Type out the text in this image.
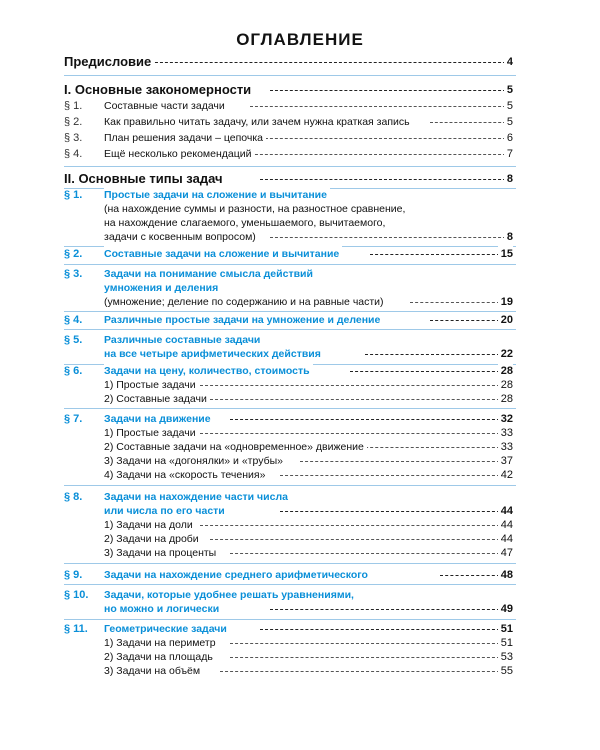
ОГЛАВЛЕНИЕ
Предисловие	4
I. Основные закономерности	5
§ 1. Составные части задачи	5
§ 2. Как правильно читать задачу, или зачем нужна краткая запись	5
§ 3. План решения задачи – цепочка	6
§ 4. Ещё несколько рекомендаций	7
II. Основные типы задач	8
§ 1. Простые задачи на сложение и вычитание
(на нахождение суммы и разности, на разностное сравнение,
на нахождение слагаемого, уменьшаемого, вычитаемого,
задачи с косвенным вопросом)	8
§ 2. Составные задачи на сложение и вычитание	15
§ 3. Задачи на понимание смысла действий
умножения и деления
(умножение; деление по содержанию и на равные части)	19
§ 4. Различные простые задачи на умножение и деление	20
§ 5. Различные составные задачи
на все четыре арифметических действия	22
§ 6. Задачи на цену, количество, стоимость	28
1) Простые задачи	28
2) Составные задачи	28
§ 7. Задачи на движение	32
1) Простые задачи	33
2) Составные задачи на «одновременное» движение	33
3) Задачи на «догонялки» и «трубы»	37
4) Задачи на «скорость течения»	42
§ 8. Задачи на нахождение части числа
или числа по его части	44
1) Задачи на доли	44
2) Задачи на дроби	44
3) Задачи на проценты	47
§ 9. Задачи на нахождение среднего арифметического	48
§ 10. Задачи, которые удобнее решать уравнениями,
но можно и логически	49
§ 11. Геометрические задачи	51
1) Задачи на периметр	51
2) Задачи на площадь	53
3) Задачи на объём	55
